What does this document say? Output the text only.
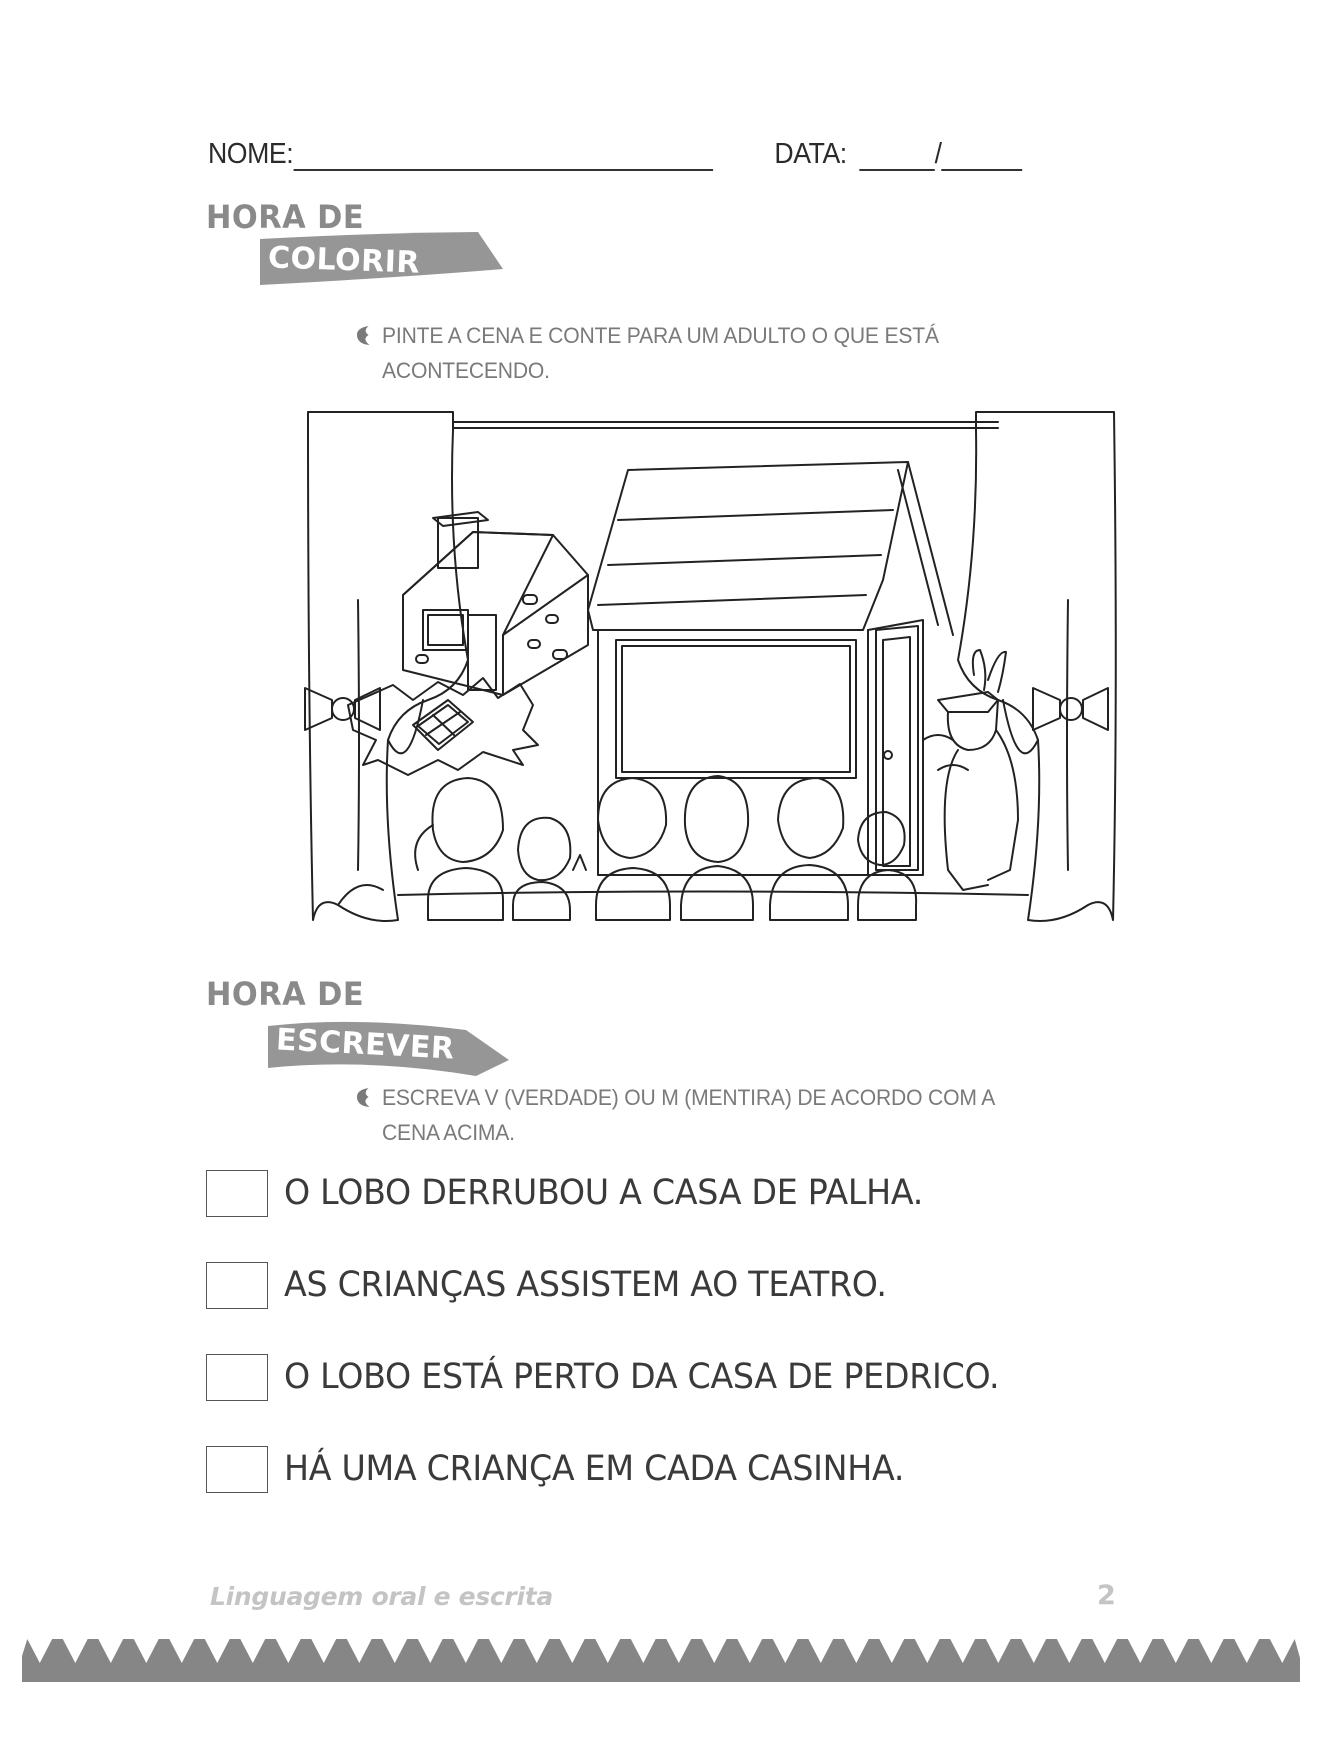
NOME:	DATA:	/
HORA DE
COLORIR
PINTE A CENA E CONTE PARA UM ADULTO O QUE ESTÁ
ACONTECENDO.
HORA DE
ESCREVER
ESCREVA V (VERDADE) OU M (MENTIRA) DE ACORDO COM A
CENA ACIMA.
O LOBO DERRUBOU A CASA DE PALHA.
AS CRIANÇAS ASSISTEM AO TEATRO.
O LOBO ESTÁ PERTO DA CASA DE PEDRICO.
HÁ UMA CRIANÇA EM CADA CASINHA.
Linguagem oral e escrita	2
